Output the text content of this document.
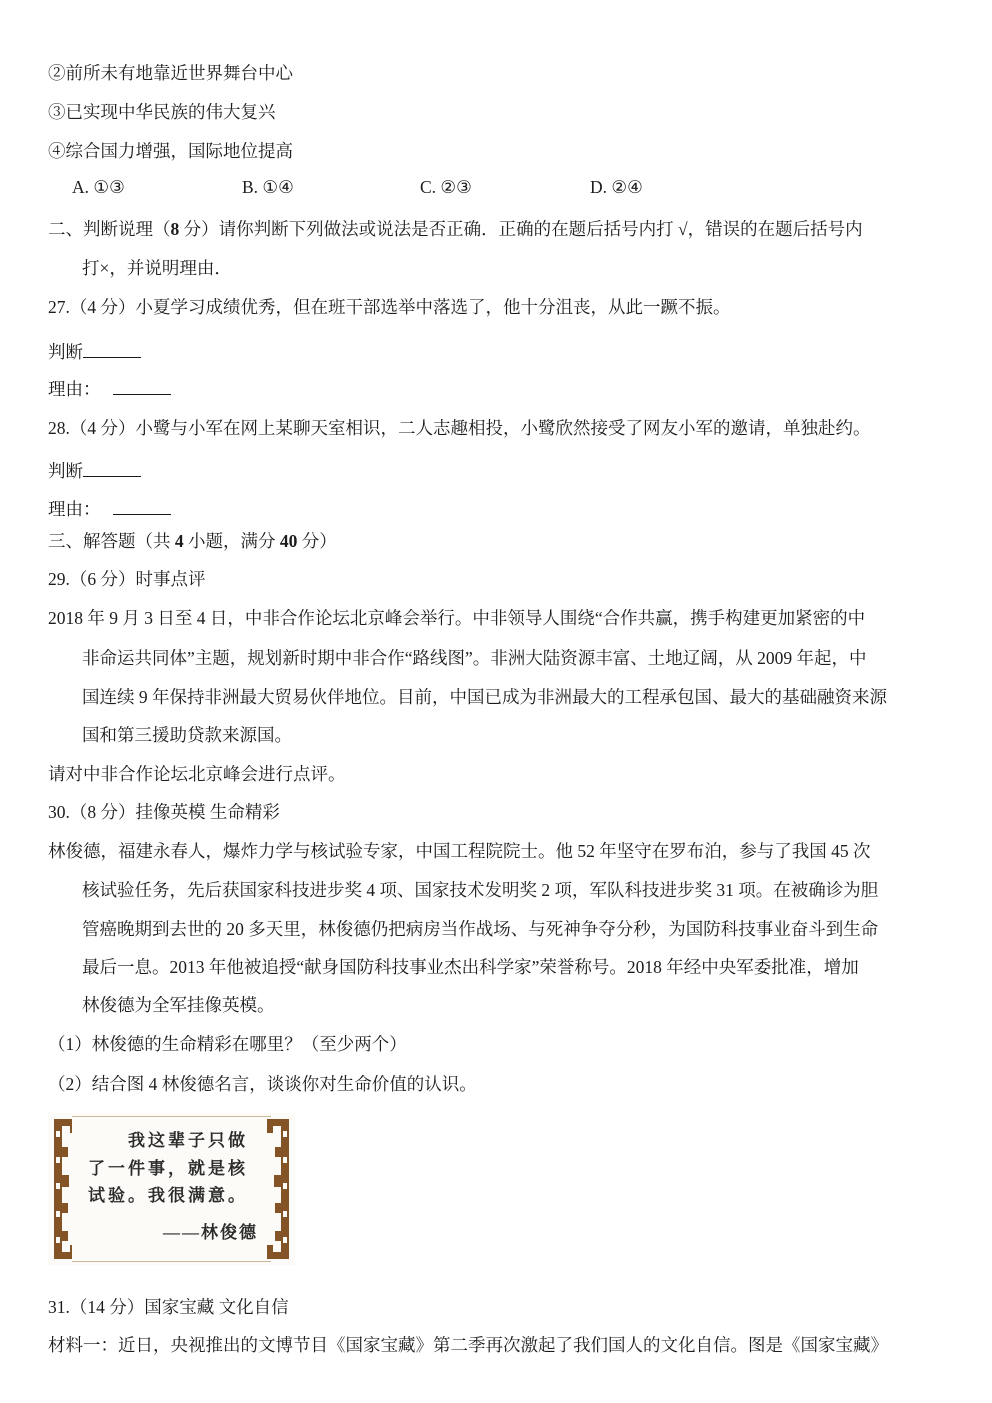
②前所未有地靠近世界舞台中心
③已实现中华民族的伟大复兴
④综合国力增强，国际地位提高
A. ①③	B. ①④	C. ②③	D. ②④
二、判断说理（8 分）请你判断下列做法或说法是否正确．正确的在题后括号内打 √，错误的在题后括号内
打×，并说明理由．
27.（4 分）小夏学习成绩优秀，但在班干部选举中落选了，他十分沮丧，从此一蹶不振。
判断
理由：
28.（4 分）小鹭与小军在网上某聊天室相识，二人志趣相投，小鹭欣然接受了网友小军的邀请，单独赴约。
判断
理由：
三、解答题（共 4 小题，满分 40 分）
29.（6 分）时事点评
2018 年 9 月 3 日至 4 日，中非合作论坛北京峰会举行。中非领导人围绕“合作共赢，携手构建更加紧密的中
非命运共同体”主题，规划新时期中非合作“路线图”。非洲大陆资源丰富、土地辽阔，从 2009 年起，中
国连续 9 年保持非洲最大贸易伙伴地位。目前，中国已成为非洲最大的工程承包国、最大的基础融资来源
国和第三援助贷款来源国。
请对中非合作论坛北京峰会进行点评。
30.（8 分）挂像英模 生命精彩
林俊德，福建永春人，爆炸力学与核试验专家，中国工程院院士。他 52 年坚守在罗布泊，参与了我国 45 次
核试验任务，先后获国家科技进步奖 4 项、国家技术发明奖 2 项，军队科技进步奖 31 项。在被确诊为胆
管癌晚期到去世的 20 多天里，林俊德仍把病房当作战场、与死神争夺分秒，为国防科技事业奋斗到生命
最后一息。2013 年他被追授“献身国防科技事业杰出科学家”荣誉称号。2018 年经中央军委批准，增加
林俊德为全军挂像英模。
（1）林俊德的生命精彩在哪里？（至少两个）
（2）结合图 4 林俊德名言，谈谈你对生命价值的认识。
31.（14 分）国家宝藏 文化自信
材料一：近日，央视推出的文博节目《国家宝藏》第二季再次激起了我们国人的文化自信。图是《国家宝藏》
我这辈子只做
了一件事，就是核
试验。我很满意。
——林俊德
